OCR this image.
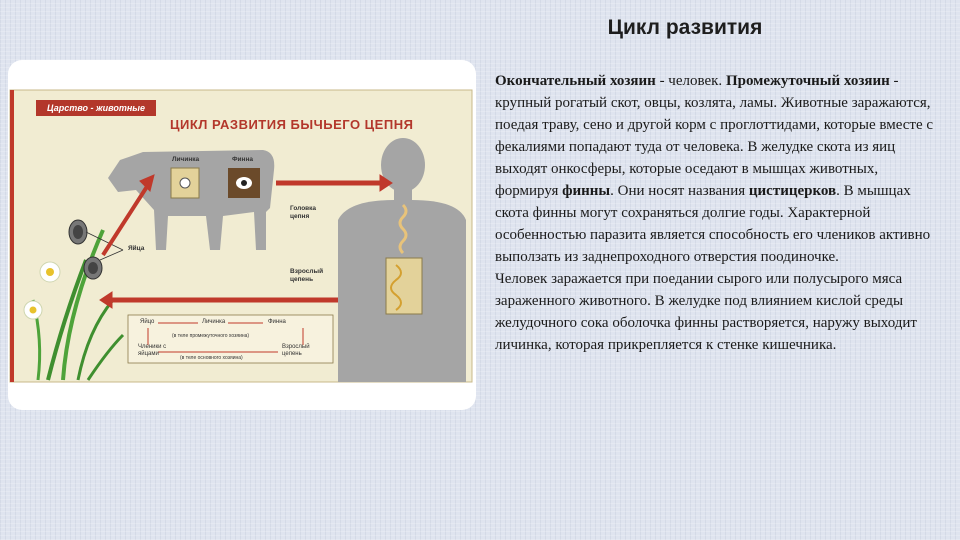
Цикл развития
Царство - животные
ЦИКЛ РАЗВИТИЯ БЫЧЬЕГО ЦЕПНЯ
Личинка	Финна
Головка цепня
Яйца
Взрослый цепень
Яйцо	Личинка	Финна
(в теле промежуточного хозяина)
Членики с яйцами
Взрослый цепень
(в теле основного хозяина)

Окончательный хозяин - человек. Промежуточный хозяин - крупный рогатый скот, овцы, козлята, ламы. Животные заражаются, поедая траву, сено и другой корм с проглоттидами, которые вместе с фекалиями попадают туда от человека. В желудке скота из яиц выходят онкосферы, которые оседают в мышцах животных, формируя финны. Они носят названия цистицерков. В мышцах скота финны могут сохраняться долгие годы. Характерной особенностью паразита является способность его члеников активно выползать из заднепроходного отверстия поодиночке.

Человек заражается при поедании сырого или полусырого мяса зараженного животного. В желудке под влиянием кислой среды желудочного сока оболочка финны растворяется, наружу выходит личинка, которая прикрепляется к стенке кишечника.
